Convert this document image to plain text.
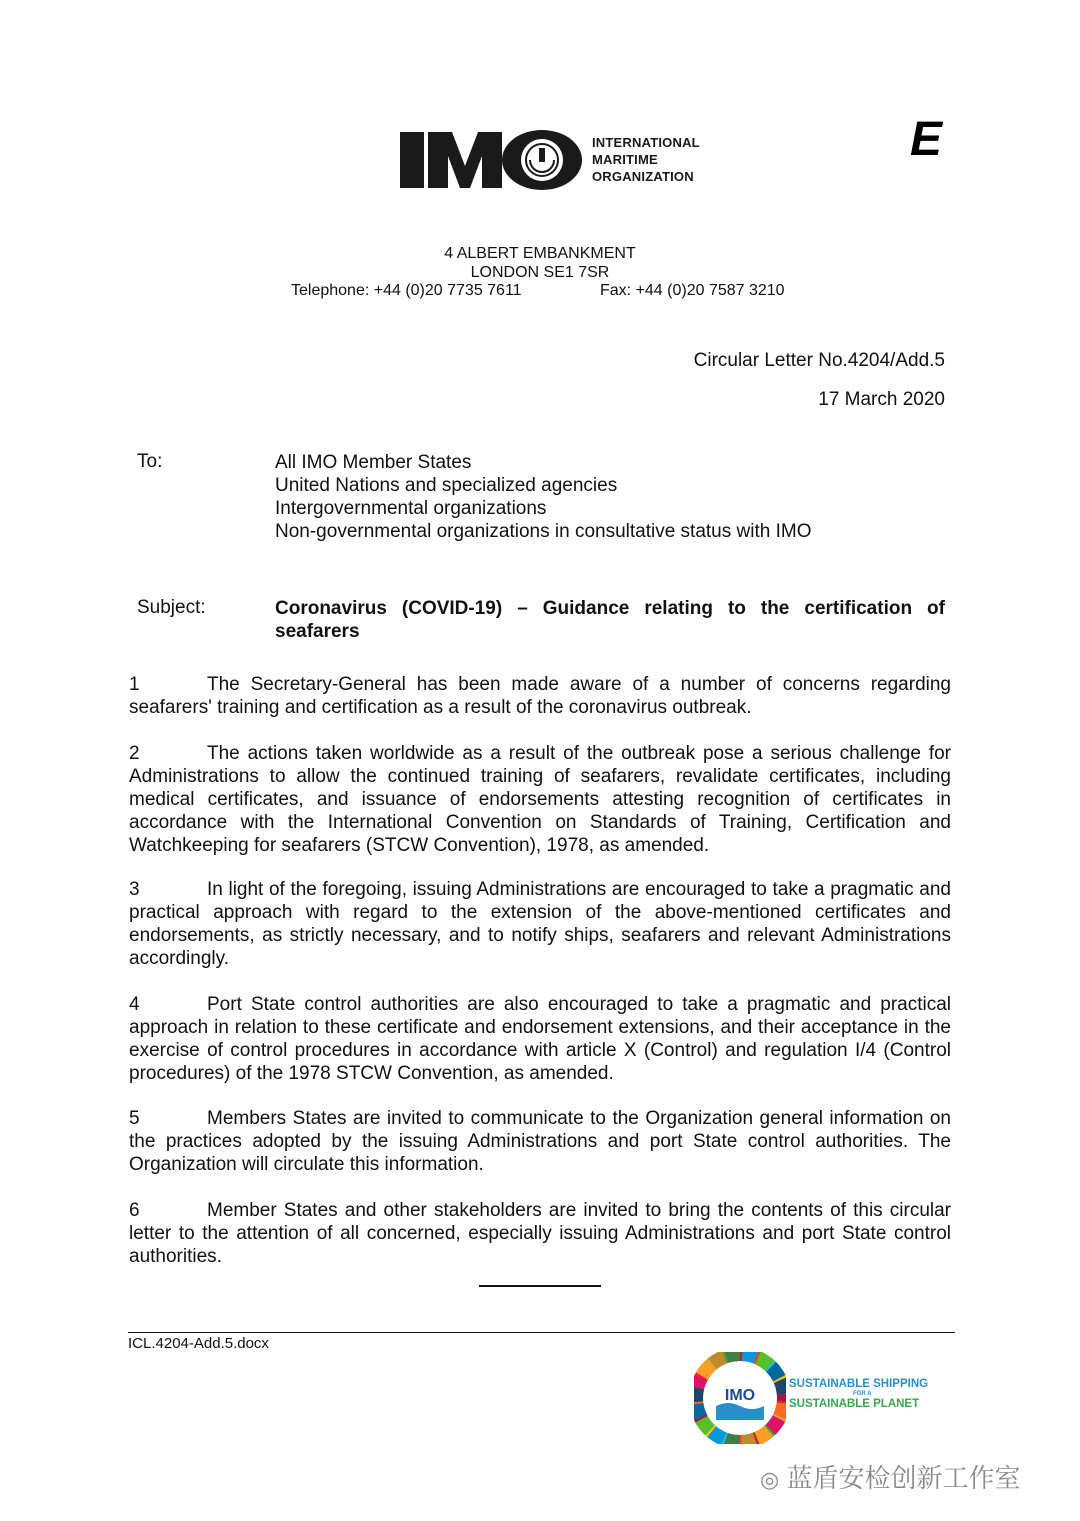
INTERNATIONAL
MARITIME
ORGANIZATION
E
4 ALBERT EMBANKMENT
LONDON SE1 7SR
Telephone: +44 (0)20 7735 7611	Fax: +44 (0)20 7587 3210
Circular Letter No.4204/Add.5
17 March 2020
To:	All IMO Member States
United Nations and specialized agencies
Intergovernmental organizations
Non-governmental organizations in consultative status with IMO
Subject:	Coronavirus (COVID-19) – Guidance relating to the certification of seafarers
1	The Secretary-General has been made aware of a number of concerns regarding seafarers' training and certification as a result of the coronavirus outbreak.
2	The actions taken worldwide as a result of the outbreak pose a serious challenge for Administrations to allow the continued training of seafarers, revalidate certificates, including medical certificates, and issuance of endorsements attesting recognition of certificates in accordance with the International Convention on Standards of Training, Certification and Watchkeeping for seafarers (STCW Convention), 1978, as amended.
3	In light of the foregoing, issuing Administrations are encouraged to take a pragmatic and practical approach with regard to the extension of the above-mentioned certificates and endorsements, as strictly necessary, and to notify ships, seafarers and relevant Administrations accordingly.
4	Port State control authorities are also encouraged to take a pragmatic and practical approach in relation to these certificate and endorsement extensions, and their acceptance in the exercise of control procedures in accordance with article X (Control) and regulation I/4 (Control procedures) of the 1978 STCW Convention, as amended.
5	Members States are invited to communicate to the Organization general information on the practices adopted by the issuing Administrations and port State control authorities. The Organization will circulate this information.
6	Member States and other stakeholders are invited to bring the contents of this circular letter to the attention of all concerned, especially issuing Administrations and port State control authorities.
ICL.4204-Add.5.docx
IMO
SUSTAINABLE SHIPPING
FOR A
SUSTAINABLE PLANET
◎ 蓝盾安检创新工作室
